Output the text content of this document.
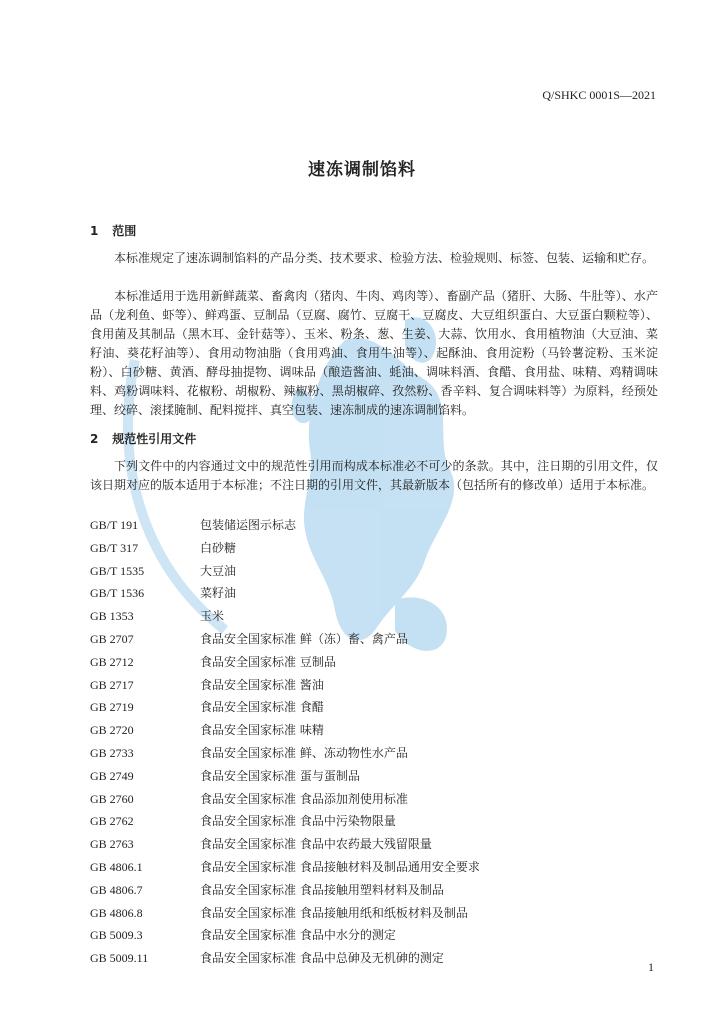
Q/SHKC 0001S—2021
速冻调制馅料
1 范围
本标准规定了速冻调制馅料的产品分类、技术要求、检验方法、检验规则、标签、包装、运输和贮存。
本标准适用于选用新鲜蔬菜、畜禽肉（猪肉、牛肉、鸡肉等）、畜副产品（猪肝、大肠、牛肚等）、水产品（龙利鱼、虾等）、鲜鸡蛋、豆制品（豆腐、腐竹、豆腐干、豆腐皮、大豆组织蛋白、大豆蛋白颗粒等）、食用菌及其制品（黑木耳、金针菇等）、玉米、粉条、葱、生姜、大蒜、饮用水、食用植物油（大豆油、菜籽油、葵花籽油等）、食用动物油脂（食用鸡油、食用牛油等）、起酥油、食用淀粉（马铃薯淀粉、玉米淀粉）、白砂糖、黄酒、酵母抽提物、调味品（酿造酱油、蚝油、调味料酒、食醋、食用盐、味精、鸡精调味料、鸡粉调味料、花椒粉、胡椒粉、辣椒粉、黑胡椒碎、孜然粉、香辛料、复合调味料等）为原料，经预处理、绞碎、滚揉腌制、配料搅拌、真空包装、速冻制成的速冻调制馅料。
2 规范性引用文件
下列文件中的内容通过文中的规范性引用而构成本标准必不可少的条款。其中，注日期的引用文件，仅该日期对应的版本适用于本标准；不注日期的引用文件，其最新版本（包括所有的修改单）适用于本标准。
GB/T 191	包装储运图示标志
GB/T 317	白砂糖
GB/T 1535	大豆油
GB/T 1536	菜籽油
GB 1353	玉米
GB 2707	食品安全国家标准 鲜（冻）畜、禽产品
GB 2712	食品安全国家标准 豆制品
GB 2717	食品安全国家标准 酱油
GB 2719	食品安全国家标准 食醋
GB 2720	食品安全国家标准 味精
GB 2733	食品安全国家标准 鲜、冻动物性水产品
GB 2749	食品安全国家标准 蛋与蛋制品
GB 2760	食品安全国家标准 食品添加剂使用标准
GB 2762	食品安全国家标准 食品中污染物限量
GB 2763	食品安全国家标准 食品中农药最大残留限量
GB 4806.1	食品安全国家标准 食品接触材料及制品通用安全要求
GB 4806.7	食品安全国家标准 食品接触用塑料材料及制品
GB 4806.8	食品安全国家标准 食品接触用纸和纸板材料及制品
GB 5009.3	食品安全国家标准 食品中水分的测定
GB 5009.11	食品安全国家标准 食品中总砷及无机砷的测定
1
